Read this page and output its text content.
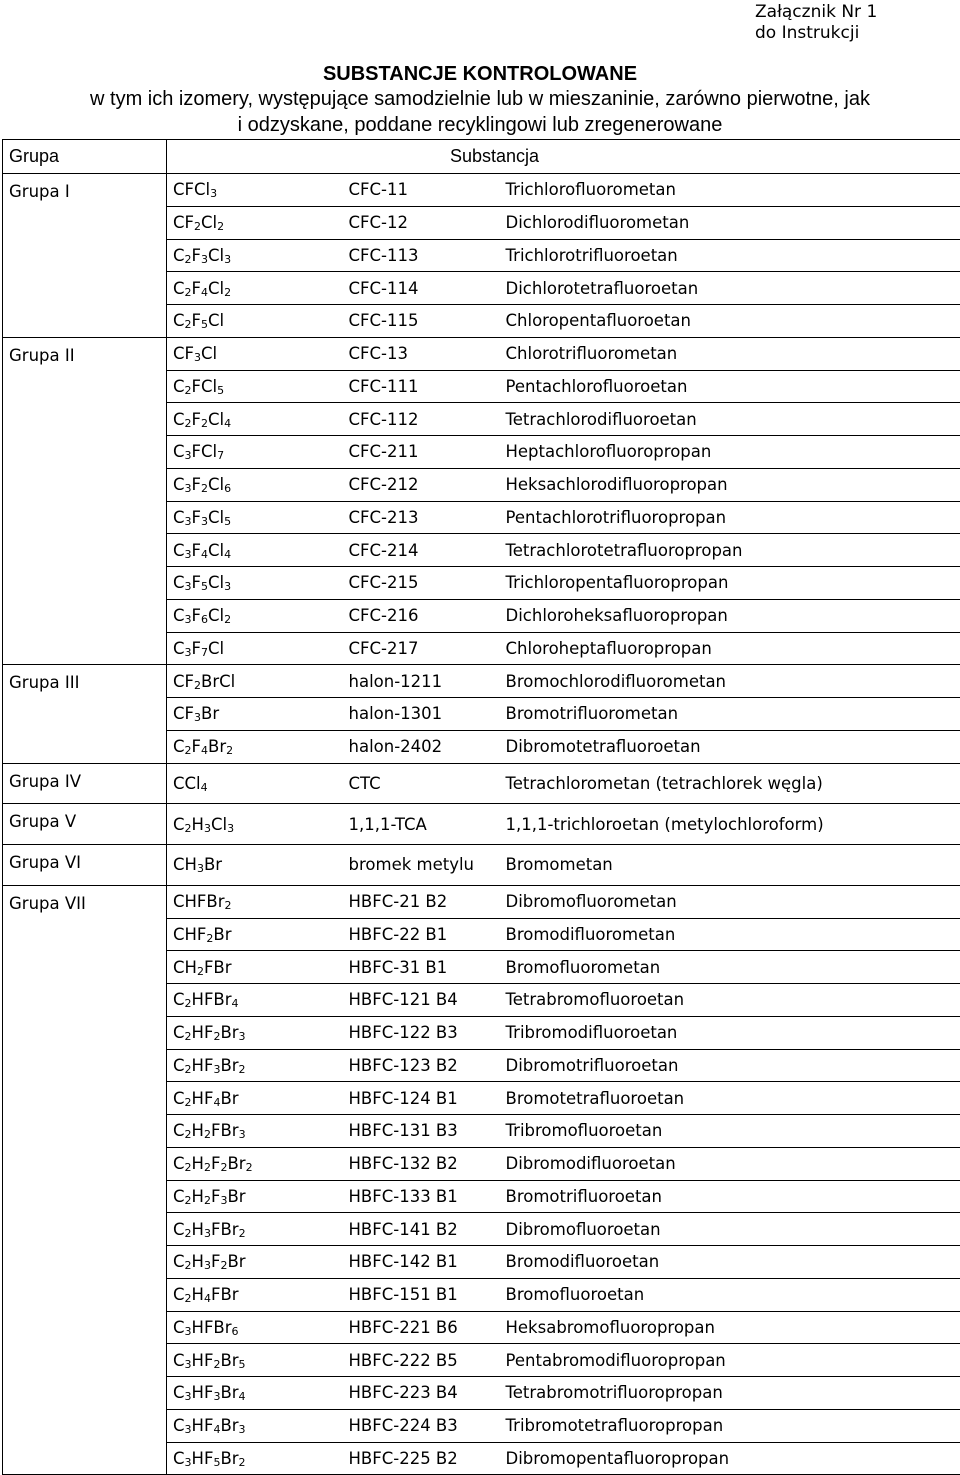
Załącznik Nr 1
do Instrukcji
SUBSTANCJE KONTROLOWANE
w tym ich izomery, występujące samodzielnie lub w mieszaninie, zarówno pierwotne, jak
i odzyskane, poddane recyklingowi lub zregenerowane
Grupa		Substancja	
Grupa I	CFCl$_3$	CFC-11	Trichlorofluorometan
	$CF_2Cl_2$	CFC-12	Dichlorodifluorometan
	$C_2F_3Cl_3$	CFC-113	Trichlorotrifluoroetan
	$C_2F_4Cl_2$	CFC-114	Dichlorotetrafluoroetan
	$C_2F_5Cl$	CFC-115	Chloropentafluoroetan
Grupa II	$CF_3Cl$	CFC-13	Chlorotrifluorometan
	$C_2FCl_5$	CFC-111	Pentachlorofluoroetan
	$C_2F_2Cl_4$	CFC-112	Tetrachlorodifluoroetan
	$C_3FCl_7$	CFC-211	Heptachlorofluoropropan
	$C_3F_2Cl_6$	CFC-212	Heksachlorodifluoropropan
	$C_3F_3Cl_5$	CFC-213	Pentachlorotrifluoropropan
	$C_3F_4Cl_4$	CFC-214	Tetrachlorotetrafluoropropan
	$C_3F_5Cl_3$	CFC-215	Trichloropentafluoropropan
	$C_3F_6Cl_2$	CFC-216	Dichloroheksafluoropropan
	$C_3F_7Cl$	CFC-217	Chloroheptafluoropropan
Grupa III	$CF_2BrCl$	halon-1211	Bromochlorodifluorometan
	$CF_3Br$	halon-1301	Bromotrifluorometan
	$C_2F_4Br_2$	halon-2402	Dibromotetrafluoroetan
Grupa IV	CCl$_4$	CTC	Tetrachlorometan (tetrachlorek węgla)
Grupa V	$C_2H_3Cl_3$	1,1,1-TCA	1,1,1-trichloroetan (metylochloroform)
Grupa VI	$CH_3Br$	bromek metylu	Bromometan
Grupa VII	CHFBr$_2$	HBFC-21 B2	Dibromofluorometan
	$CHF_2Br$	HBFC-22 B1	Bromodifluorometan
	$CH_2FBr$	HBFC-31 B1	Bromofluorometan
	$C_2HFBr_4$	HBFC-121 B4	Tetrabromofluoroetan
	$C_2HF_2Br_3$	HBFC-122 B3	Tribromodifluoroetan
	$C_2HF_3Br_2$	HBFC-123 B2	Dibromotrifluoroetan
	$C_2HF_4Br$	HBFC-124 B1	Bromotetrafluoroetan
	$C_2H_2FBr_3$	HBFC-131 B3	Tribromofluoroetan
	$C_2H_2F_2Br_2$	HBFC-132 B2	Dibromodifluoroetan
	$C_2H_2F_3Br$	HBFC-133 B1	Bromotrifluoroetan
	$C_2H_3FBr_2$	HBFC-141 B2	Dibromofluoroetan
	$C_2H_3F_2Br$	HBFC-142 B1	Bromodifluoroetan
	$C_2H_4FBr$	HBFC-151 B1	Bromofluoroetan
	$C_3HFBr_6$	HBFC-221 B6	Heksabromofluoropropan
	$C_3HF_2Br_5$	HBFC-222 B5	Pentabromodifluoropropan
	$C_3HF_3Br_4$	HBFC-223 B4	Tetrabromotrifluoropropan
	$C_3HF_4Br_3$	HBFC-224 B3	Tribromotetrafluoropropan
	$C_3HF_5Br_2$	HBFC-225 B2	Dibromopentafluoropropan
